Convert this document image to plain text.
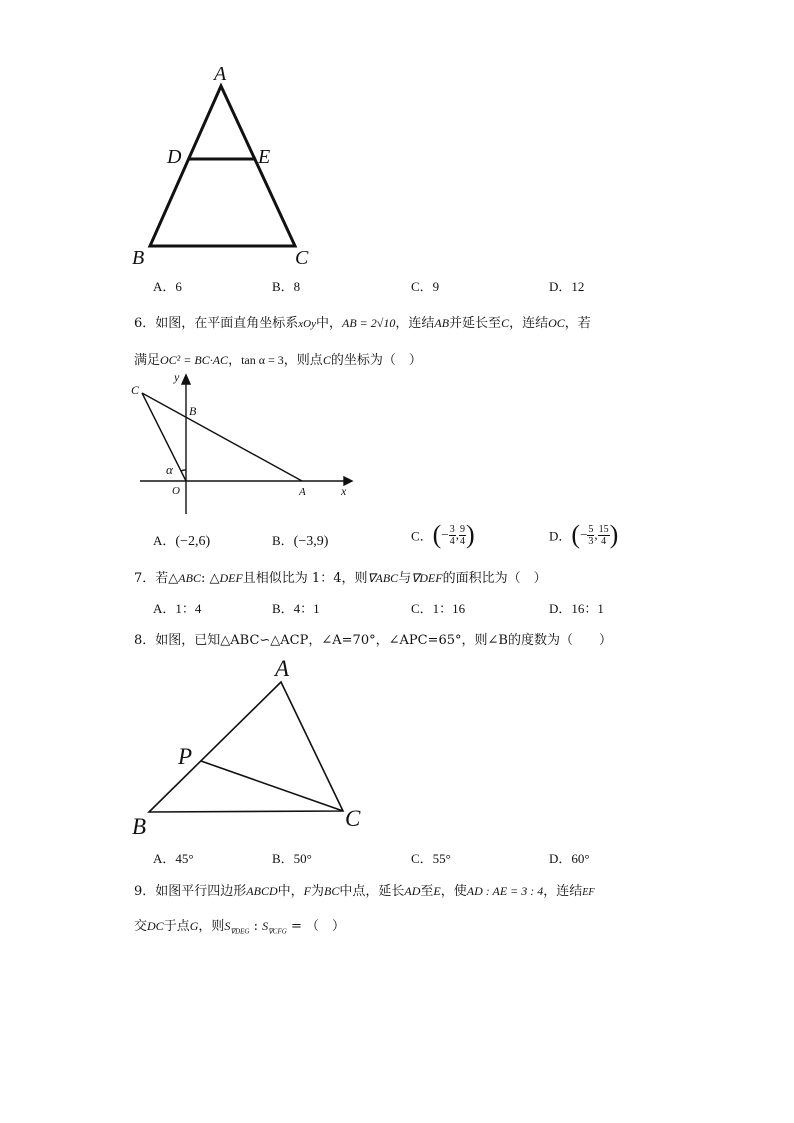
A
D	E
B	C
A．6	B．8	C．9	D．12
6．如图，在平面直角坐标系xOy中，AB = 2√10，连结AB并延长至C，连结OC，若
满足OC² = BC·AC，tan α = 3，则点C的坐标为（　）
y
x
C
B
O	A
α
A．(−2,6)	B．(−3,9)	C．(− $\frac{3}{4}$ , $\frac{9}{4}$ )	D．(− $\frac{5}{3}$ , $\frac{15}{4}$ )
7．若△ABC: △DEF且相似比为 1：4，则∇ABC与∇DEF的面积比为（　）
A．1：4	B．4：1	C．1：16	D．16：1
8．如图，已知△ABC∽△ACP，∠A=70°，∠APC=65°，则∠B的度数为（　　）
A
P
B	C
A．45°	B．50°	C．55°	D．60°
9．如图平行四边形ABCD中，F为BC中点，延长AD至E，使AD : AE = 3 : 4，连结EF
交DC于点G，则$S_{\nabla DEG}$ : $S_{\nabla CFG}$ = （　）
